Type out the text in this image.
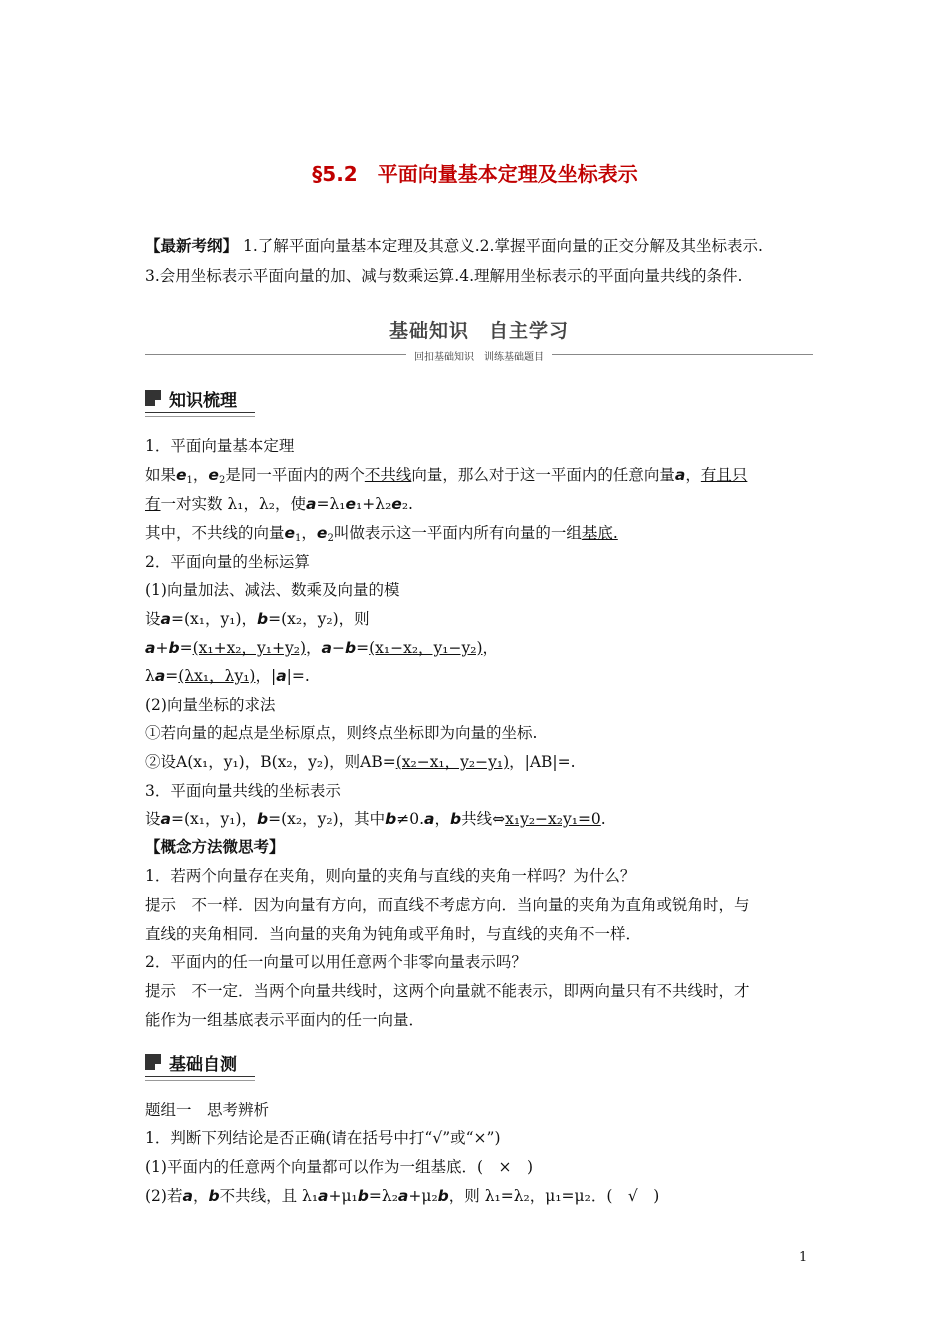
§5.2　平面向量基本定理及坐标表示
【最新考纲】 1.了解平面向量基本定理及其意义.2.掌握平面向量的正交分解及其坐标表示.
3.会用坐标表示平面向量的加、减与数乘运算.4.理解用坐标表示的平面向量共线的条件.
基础知识　自主学习
回扣基础知识　训练基础题目
知识梳理
1．平面向量基本定理
如果$e_1$，$e_2$是同一平面内的两个不共线向量，那么对于这一平面内的任意向量a，有且只
有一对实数 λ₁，λ₂，使a=λ₁e₁+λ₂e₂.
其中，不共线的向量$e_1$，$e_2$叫做表示这一平面内所有向量的一组基底.
2．平面向量的坐标运算
(1)向量加法、减法、数乘及向量的模
设a=(x₁，y₁)，b=(x₂，y₂)，则
a+b=(x₁+x₂，y₁+y₂)，a−b=(x₁−x₂，y₁−y₂)，
λa=(λx₁，λy₁)，|a|=.
(2)向量坐标的求法
①若向量的起点是坐标原点，则终点坐标即为向量的坐标.
②设A(x₁，y₁)，B(x₂，y₂)，则AB=(x₂−x₁，y₂−y₁)，|AB|=.
3．平面向量共线的坐标表示
设a=(x₁，y₁)，b=(x₂，y₂)，其中b≠0.a，b共线⇔x₁y₂−x₂y₁=0.
【概念方法微思考】
1．若两个向量存在夹角，则向量的夹角与直线的夹角一样吗？为什么？
提示　不一样．因为向量有方向，而直线不考虑方向．当向量的夹角为直角或锐角时，与
直线的夹角相同．当向量的夹角为钝角或平角时，与直线的夹角不一样．
2．平面内的任一向量可以用任意两个非零向量表示吗？
提示　不一定．当两个向量共线时，这两个向量就不能表示，即两向量只有不共线时，才
能作为一组基底表示平面内的任一向量．
基础自测
题组一　思考辨析
1．判断下列结论是否正确(请在括号中打“√”或“×”)
(1)平面内的任意两个向量都可以作为一组基底．(　×　)
(2)若a，b不共线，且 λ₁a+μ₁b=λ₂a+μ₂b，则 λ₁=λ₂，μ₁=μ₂．(　√　)
1
